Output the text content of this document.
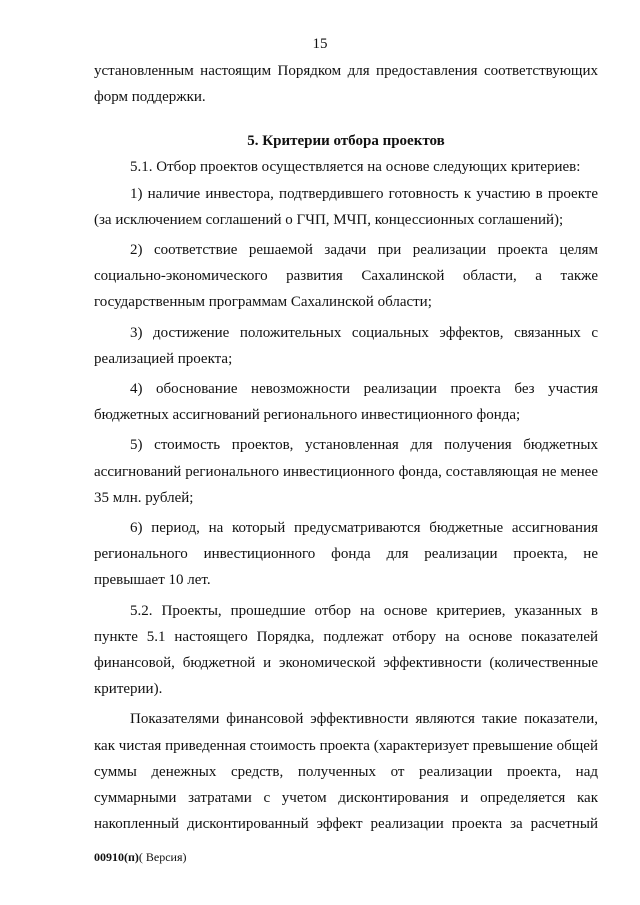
15

установленным настоящим Порядком для предоставления соответствующих форм поддержки.

5. Критерии отбора проектов

5.1. Отбор проектов осуществляется на основе следующих критериев:

1) наличие инвестора, подтвердившего готовность к участию в проекте (за исключением соглашений о ГЧП, МЧП, концессионных соглашений);

2) соответствие решаемой задачи при реализации проекта целям социально-экономического развития Сахалинской области, а также государственным программам Сахалинской области;

3) достижение положительных социальных эффектов, связанных с реализацией проекта;

4) обоснование невозможности реализации проекта без участия бюджетных ассигнований регионального инвестиционного фонда;

5) стоимость проектов, установленная для получения бюджетных ассигнований регионального инвестиционного фонда, составляющая не менее 35 млн. рублей;

6) период, на который предусматриваются бюджетные ассигнования регионального инвестиционного фонда для реализации проекта, не превышает 10 лет.

5.2. Проекты, прошедшие отбор на основе критериев, указанных в пункте 5.1 настоящего Порядка, подлежат отбору на основе показателей финансовой, бюджетной и экономической эффективности (количественные критерии).

Показателями финансовой эффективности являются такие показатели, как чистая приведенная стоимость проекта (характеризует превышение общей суммы денежных средств, полученных от реализации проекта, над суммарными затратами с учетом дисконтирования и определяется как накопленный дисконтированный эффект реализации проекта за расчетный

00910(п)( Версия)
